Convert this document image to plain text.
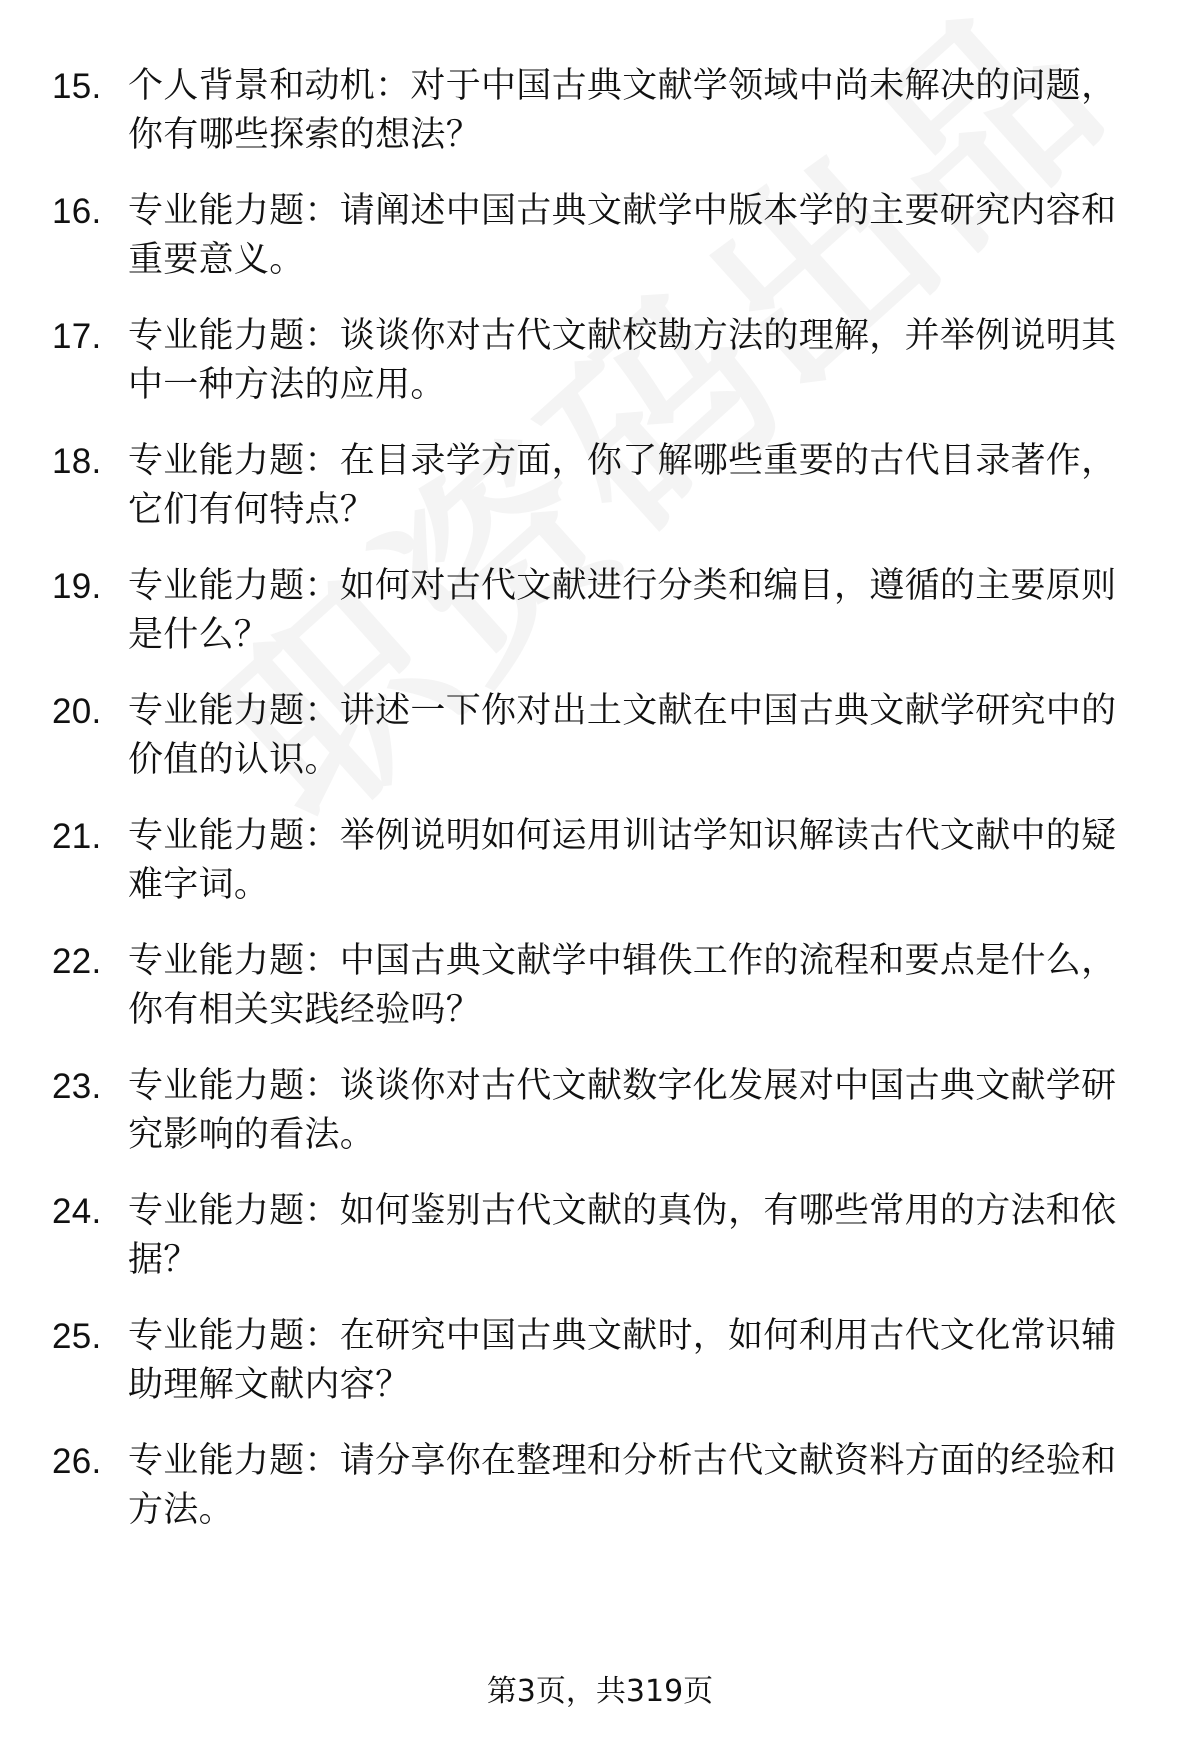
15. 个人背景和动机：对于中国古典文献学领域中尚未解决的问题，你有哪些探索的想法？
16. 专业能力题：请阐述中国古典文献学中版本学的主要研究内容和重要意义。
17. 专业能力题：谈谈你对古代文献校勘方法的理解，并举例说明其中一种方法的应用。
18. 专业能力题：在目录学方面，你了解哪些重要的古代目录著作，它们有何特点？
19. 专业能力题：如何对古代文献进行分类和编目，遵循的主要原则是什么？
20. 专业能力题：讲述一下你对出土文献在中国古典文献学研究中的价值的认识。
21. 专业能力题：举例说明如何运用训诂学知识解读古代文献中的疑难字词。
22. 专业能力题：中国古典文献学中辑佚工作的流程和要点是什么，你有相关实践经验吗？
23. 专业能力题：谈谈你对古代文献数字化发展对中国古典文献学研究影响的看法。
24. 专业能力题：如何鉴别古代文献的真伪，有哪些常用的方法和依据？
25. 专业能力题：在研究中国古典文献时，如何利用古代文化常识辅助理解文献内容？
26. 专业能力题：请分享你在整理和分析古代文献资料方面的经验和方法。
第3页，共319页
